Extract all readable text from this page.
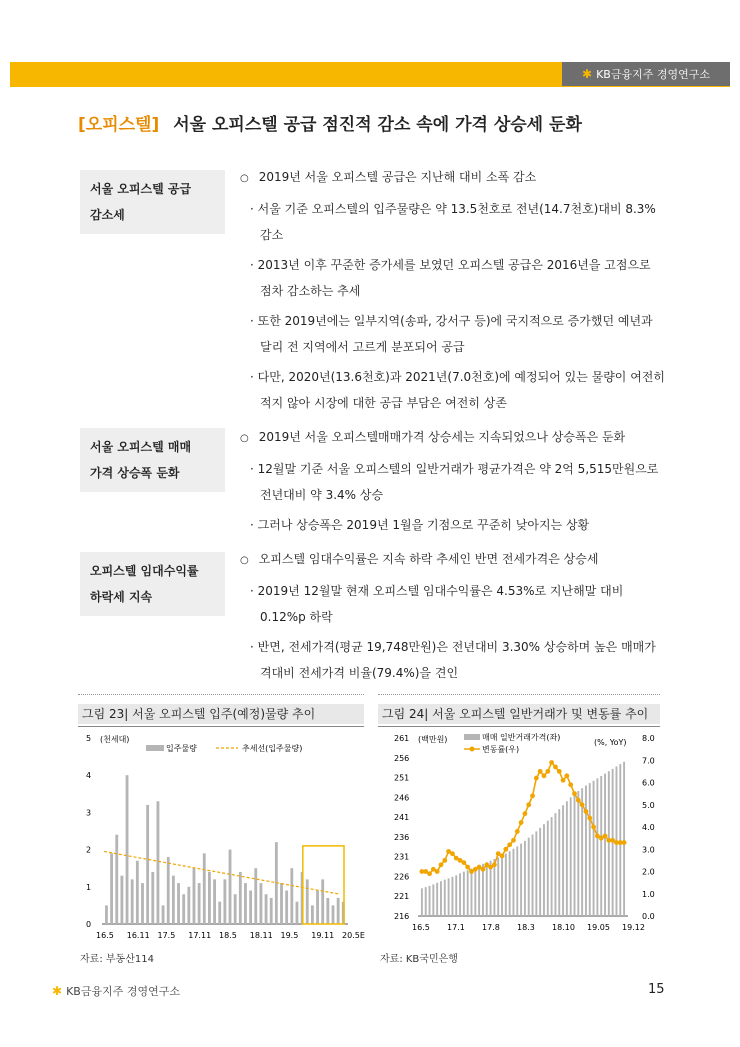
✱ KB금융지주 경영연구소
[오피스텔] 서울 오피스텔 공급 점진적 감소 속에 가격 상승세 둔화
서울 오피스텔 공급
감소세
○ 2019년 서울 오피스텔 공급은 지난해 대비 소폭 감소
· 서울 기준 오피스텔의 입주물량은 약 13.5천호로 전년(14.7천호)대비 8.3% 감소
· 2013년 이후 꾸준한 증가세를 보였던 오피스텔 공급은 2016년을 고점으로 점차 감소하는 추세
· 또한 2019년에는 일부지역(송파, 강서구 등)에 국지적으로 증가했던 예년과 달리 전 지역에서 고르게 분포되어 공급
· 다만, 2020년(13.6천호)과 2021년(7.0천호)에 예정되어 있는 물량이 여전히 적지 않아 시장에 대한 공급 부담은 여전히 상존
서울 오피스텔 매매
가격 상승폭 둔화
○ 2019년 서울 오피스텔매매가격 상승세는 지속되었으나 상승폭은 둔화
· 12월말 기준 서울 오피스텔의 일반거래가 평균가격은 약 2억 5,515만원으로 전년대비 약 3.4% 상승
· 그러나 상승폭은 2019년 1월을 기점으로 꾸준히 낮아지는 상황
오피스텔 임대수익률
하락세 지속
○ 오피스텔 임대수익률은 지속 하락 추세인 반면 전세가격은 상승세
· 2019년 12월말 현재 오피스텔 임대수익률은 4.53%로 지난해말 대비 0.12%p 하락
· 반면, 전세가격(평균 19,748만원)은 전년대비 3.30% 상승하며 높은 매매가격대비 전세가격 비율(79.4%)을 견인
그림 23| 서울 오피스텔 입주(예정)물량 추이	그림 24| 서울 오피스텔 일반거래가 및 변동률 추이
(천세대)
입주물량	추세선(입주물량)
0
1
2
3
4
5
16.5 16.11 17.5 17.11 18.5 18.11 19.5 19.11 20.5E
(백만원)	(%, YoY)
매매 일반거래가격(좌)
변동률(우)
216
221
226
231
236
241
246
251
256
261
0.0
1.0
2.0
3.0
4.0
5.0
6.0
7.0
8.0
16.5 17.1 17.8 18.3 18.10 19.05 19.12
자료: 부동산114	자료: KB국민은행
✱ KB금융지주 경영연구소	15
